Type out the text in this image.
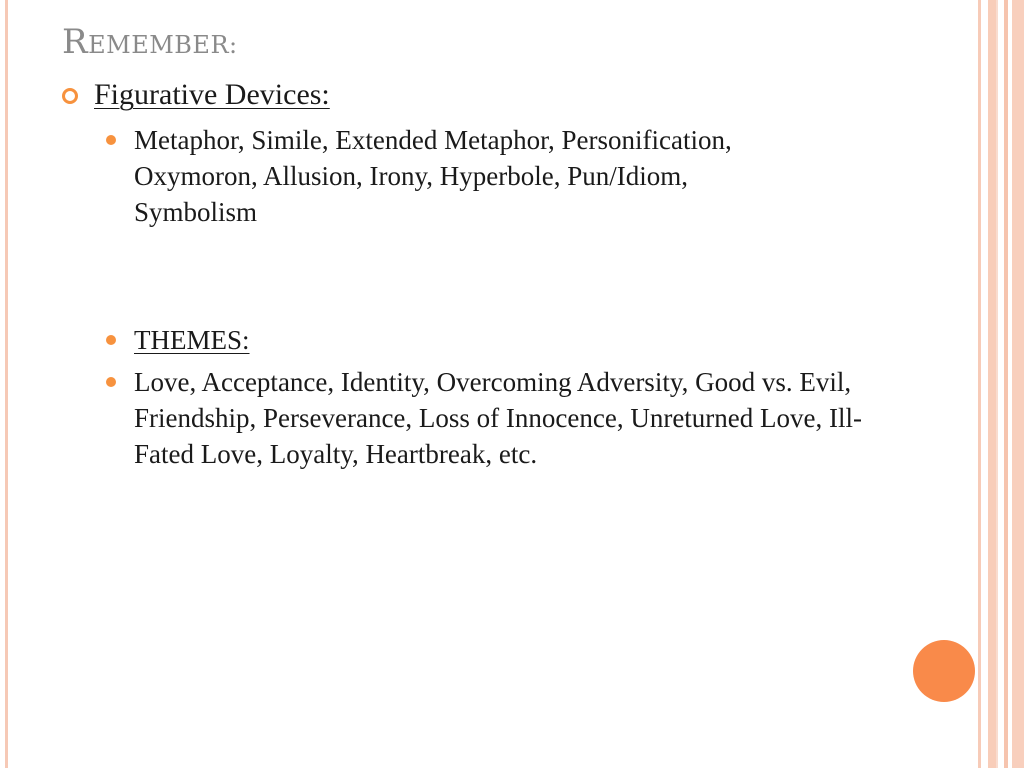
REMEMBER:
Figurative Devices:
Metaphor, Simile, Extended Metaphor, Personification, Oxymoron, Allusion, Irony, Hyperbole, Pun/Idiom, Symbolism
THEMES:
Love, Acceptance, Identity, Overcoming Adversity, Good vs. Evil, Friendship, Perseverance, Loss of Innocence, Unreturned Love, Ill-Fated Love, Loyalty, Heartbreak, etc.
